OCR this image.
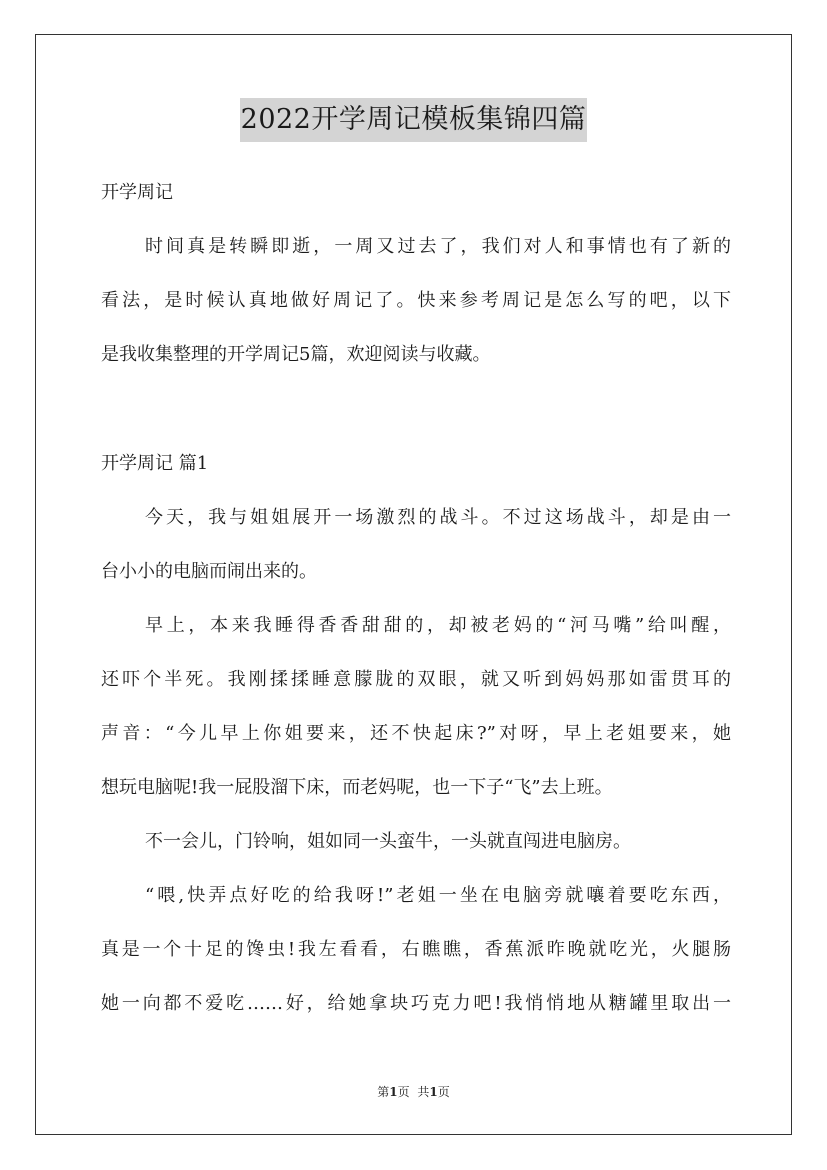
2022开学周记模板集锦四篇

开学周记

时间真是转瞬即逝，一周又过去了，我们对人和事情也有了新的

看法，是时候认真地做好周记了。快来参考周记是怎么写的吧，以下

是我收集整理的开学周记5篇，欢迎阅读与收藏。

开学周记 篇1

今天，我与姐姐展开一场激烈的战斗。不过这场战斗，却是由一

台小小的电脑而闹出来的。

早上，本来我睡得香香甜甜的，却被老妈的“河马嘴”给叫醒，

还吓个半死。我刚揉揉睡意朦胧的双眼，就又听到妈妈那如雷贯耳的

声音：“今儿早上你姐要来，还不快起床?”对呀，早上老姐要来，她

想玩电脑呢!我一屁股溜下床，而老妈呢，也一下子“飞”去上班。

不一会儿，门铃响，姐如同一头蛮牛，一头就直闯进电脑房。

“喂,快弄点好吃的给我呀!”老姐一坐在电脑旁就嚷着要吃东西，

真是一个十足的馋虫!我左看看，右瞧瞧，香蕉派昨晚就吃光，火腿肠

她一向都不爱吃……好，给她拿块巧克力吧!我悄悄地从糖罐里取出一

第1页 共1页
